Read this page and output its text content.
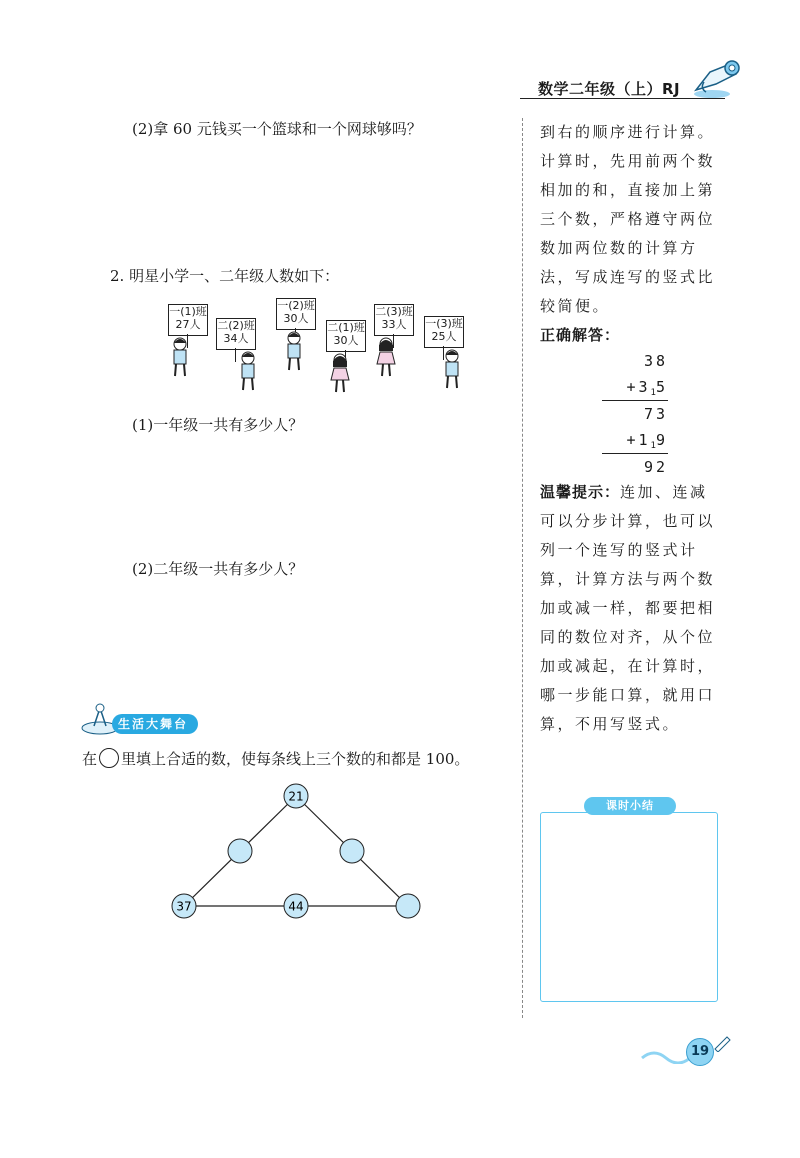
数学二年级（上）RJ
(2)拿 60 元钱买一个篮球和一个网球够吗？
2. 明星小学一、二年级人数如下：
一(1)班
27人	二(2)班
34人
一(2)班
30人
二(1)班
30人
二(3)班
33人	一(3)班
25人
(1)一年级一共有多少人？
(2)二年级一共有多少人？
生活大舞台
在 里填上合适的数，使每条线上三个数的和都是 100。
21
37	44

到右的顺序进行计算。

计算时，先用前两个数

相加的和，直接加上第

三个数，严格遵守两位

数加两位数的计算方

法，写成连写的竖式比

较简便。

正确解答：

38
$+3_15$
73
$+1_19$
92

温馨提示：连加、连减

可以分步计算，也可以

列一个连写的竖式计

算，计算方法与两个数

加或减一样，都要把相

同的数位对齐，从个位

加或减起，在计算时，

哪一步能口算，就用口

算，不用写竖式。

课时小结
19
